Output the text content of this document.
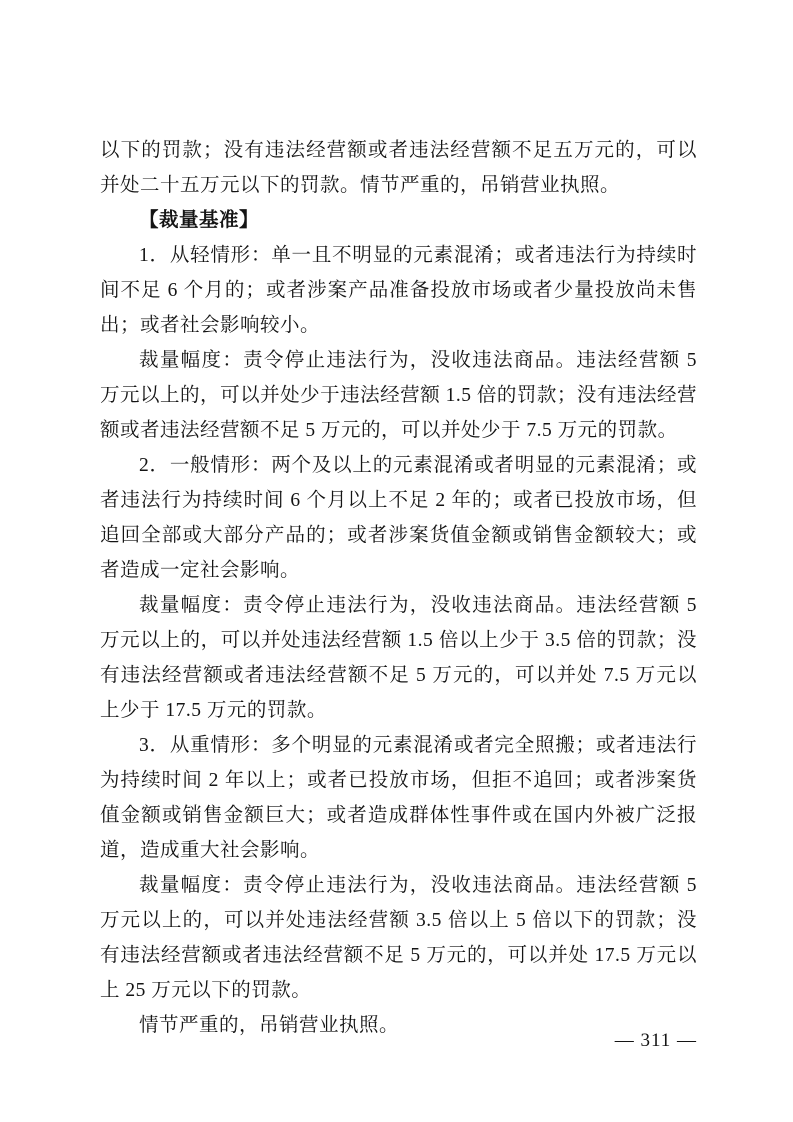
以下的罚款；没有违法经营额或者违法经营额不足五万元的，可以并处二十五万元以下的罚款。情节严重的，吊销营业执照。

【裁量基准】

1．从轻情形：单一且不明显的元素混淆；或者违法行为持续时间不足 6 个月的；或者涉案产品准备投放市场或者少量投放尚未售出；或者社会影响较小。

裁量幅度：责令停止违法行为，没收违法商品。违法经营额 5 万元以上的，可以并处少于违法经营额 1.5 倍的罚款；没有违法经营额或者违法经营额不足 5 万元的，可以并处少于 7.5 万元的罚款。

2．一般情形：两个及以上的元素混淆或者明显的元素混淆；或者违法行为持续时间 6 个月以上不足 2 年的；或者已投放市场，但追回全部或大部分产品的；或者涉案货值金额或销售金额较大；或者造成一定社会影响。

裁量幅度：责令停止违法行为，没收违法商品。违法经营额 5 万元以上的，可以并处违法经营额 1.5 倍以上少于 3.5 倍的罚款；没有违法经营额或者违法经营额不足 5 万元的，可以并处 7.5 万元以上少于 17.5 万元的罚款。

3．从重情形：多个明显的元素混淆或者完全照搬；或者违法行为持续时间 2 年以上；或者已投放市场，但拒不追回；或者涉案货值金额或销售金额巨大；或者造成群体性事件或在国内外被广泛报道，造成重大社会影响。

裁量幅度：责令停止违法行为，没收违法商品。违法经营额 5 万元以上的，可以并处违法经营额 3.5 倍以上 5 倍以下的罚款；没有违法经营额或者违法经营额不足 5 万元的，可以并处 17.5 万元以上 25 万元以下的罚款。

情节严重的，吊销营业执照。

— 311 —
